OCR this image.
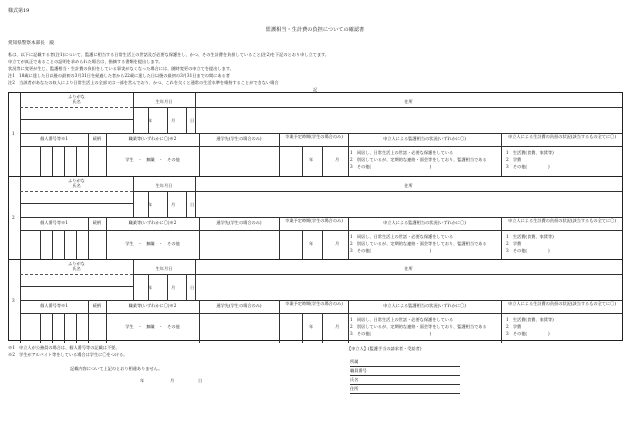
様式第19
監護相当・生計費の負担についての確認書
愛知県警察本部長　殿
私は、以下に記載する者(注1)について、監護に相当する日常生活上の世話及び必要な保護をし、かつ、その生計費を負担していること(注2)を下記のとおり申し立てます。
申立てが真正であることの証明を求められた場合は、指摘する書類を提出します。
状況等に変更が生じ、監護相当・生計費の負担をしている事実がなくなった場合には、随時変更の申立てを提出します。
注1　18歳に達した日以後の最初の3月31日を経過した者から22歳に達した日以後の最初の3月31日までの間にある者
注2　当該者があなたの収入により日常生活上の全部又は一部を営んでおり、かつ、これを欠くと通常の生活水準を維持することができない場合
記
1
ふりがな
氏名	生年月日
年	月	日
住所
個人番号等※1	続柄	職業等(いずれかに〇)※2
学生　・　無職　・　その他
通学先(学生の場合のみ)	卒業予定時期(学生の場合のみ)	申立人による監護相当の状況(いずれかに〇)	申立人による生計費の負担の状況(該当するもの全てに〇)
年	月
1　同居し、日常生活上の世話・必要な保護をしている
2　別居しているが、定期的な連絡・面会等をしており、監護相当である
3　その他(　　　　　　　　　　　　　　)
1　生活費(食費、家賃等)
2　学費
3　その他(　　　　　)
2
ふりがな
氏名	生年月日
年	月	日
住所
個人番号等※1	続柄	職業等(いずれかに〇)※2
学生　・　無職　・　その他
通学先(学生の場合のみ)	卒業予定時期(学生の場合のみ)	申立人による監護相当の状況(いずれかに〇)	申立人による生計費の負担の状況(該当するもの全てに〇)
年	月
1　同居し、日常生活上の世話・必要な保護をしている
2　別居しているが、定期的な連絡・面会等をしており、監護相当である
3　その他(　　　　　　　　　　　　　　)
1　生活費(食費、家賃等)
2　学費
3　その他(　　　　　)
3
ふりがな
氏名	生年月日
年	月	日
住所
個人番号等※1	続柄	職業等(いずれかに〇)※2
学生　・　無職　・　その他
通学先(学生の場合のみ)	卒業予定時期(学生の場合のみ)	申立人による監護相当の状況(いずれかに〇)	申立人による生計費の負担の状況(該当するもの全てに〇)
年	月
1　同居し、日常生活上の世話・必要な保護をしている
2　別居しているが、定期的な連絡・面会等をしており、監護相当である
3　その他(　　　　　　　　　　　　　　)
1　生活費(食費、家賃等)
2　学費
3　その他(　　　　　)
※1　申立人が公務員の場合は、個人番号等の記載は不要。
※2　学生がアルバイト等をしている場合は学生に〇をつける。
記載内容について上記のとおり相違ありません。
年	月	日
【申立人】(監護手当の請求者・受給者)
所属
職員番号
氏名
住所
